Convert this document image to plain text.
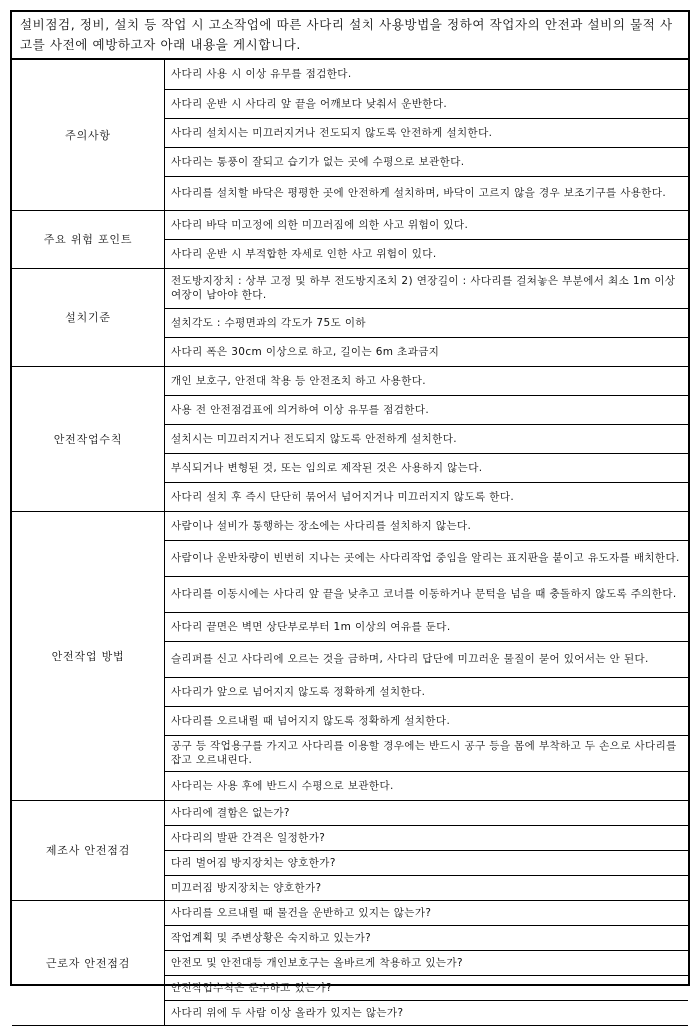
설비점검, 정비, 설치 등 작업 시 고소작업에 따른 사다리 설치 사용방법을 정하여 작업자의 안전과 설비의 물적 사고를 사전에 예방하고자 아래 내용을 게시합니다.
주의사항	사다리 사용 시 이상 유무를 점검한다.
	사다리 운반 시 사다리 앞 끝을 어깨보다 낮춰서 운반한다.
	사다리 설치시는 미끄러지거나 전도되지 않도록 안전하게 설치한다.
	사다리는 통풍이 잘되고 습기가 없는 곳에 수평으로 보관한다.
	사다리를 설치할 바닥은 평평한 곳에 안전하게 설치하며, 바닥이 고르지 않을 경우 보조기구를 사용한다.
주요 위험 포인트	사다리 바닥 미고정에 의한 미끄러짐에 의한 사고 위험이 있다.
	사다리 운반 시 부적합한 자세로 인한 사고 위험이 있다.
설치기준	전도방지장치 : 상부 고정 및 하부 전도방지조치 2) 연장길이 : 사다리를 걸쳐놓은 부분에서 최소 1m 이상 여장이 남아야 한다.
	설치각도 : 수평면과의 각도가 75도 이하
	사다리 폭은 30cm 이상으로 하고, 길이는 6m 초과금지
안전작업수칙	개인 보호구, 안전대 착용 등 안전조치 하고 사용한다.
	사용 전 안전점검표에 의거하여 이상 유무를 점검한다.
	설치시는 미끄러지거나 전도되지 않도록 안전하게 설치한다.
	부식되거나 변형된 것, 또는 임의로 제작된 것은 사용하지 않는다.
	사다리 설치 후 즉시 단단히 묶어서 넘어지거나 미끄러지지 않도록 한다.
안전작업 방법	사람이나 설비가 통행하는 장소에는 사다리를 설치하지 않는다.
	사람이나 운반차량이 빈번히 지나는 곳에는 사다리작업 중임을 알리는 표지판을 붙이고 유도자를 배치한다.
	사다리를 이동시에는 사다리 앞 끝을 낮추고 코너를 이동하거나 문턱을 넘을 때 충돌하지 않도록 주의한다.
	사다리 끝면은 벽면 상단부로부터 1m 이상의 여유를 둔다.
	슬리퍼를 신고 사다리에 오르는 것을 금하며, 사다리 답단에 미끄러운 물질이 묻어 있어서는 안 된다.
	사다리가 앞으로 넘어지지 않도록 정확하게 설치한다.
	사다리를 오르내릴 때 넘어지지 않도록 정확하게 설치한다.
	공구 등 작업용구를 가지고 사다리를 이용할 경우에는 반드시 공구 등을 몸에 부착하고 두 손으로 사다리를 잡고 오르내린다.
	사다리는 사용 후에 반드시 수평으로 보관한다.
제조사 안전점검	사다리에 결함은 없는가?
	사다리의 발판 간격은 일정한가?
	다리 벌어짐 방지장치는 양호한가?
	미끄러짐 방지장치는 양호한가?
근로자 안전점검	사다리를 오르내릴 때 물건을 운반하고 있지는 않는가?
	작업계획 및 주변상황은 숙지하고 있는가?
	안전모 및 안전대등 개인보호구는 올바르게 착용하고 있는가?
	안전작업수칙은 준수하고 있는가?
	사다리 위에 두 사람 이상 올라가 있지는 않는가?
